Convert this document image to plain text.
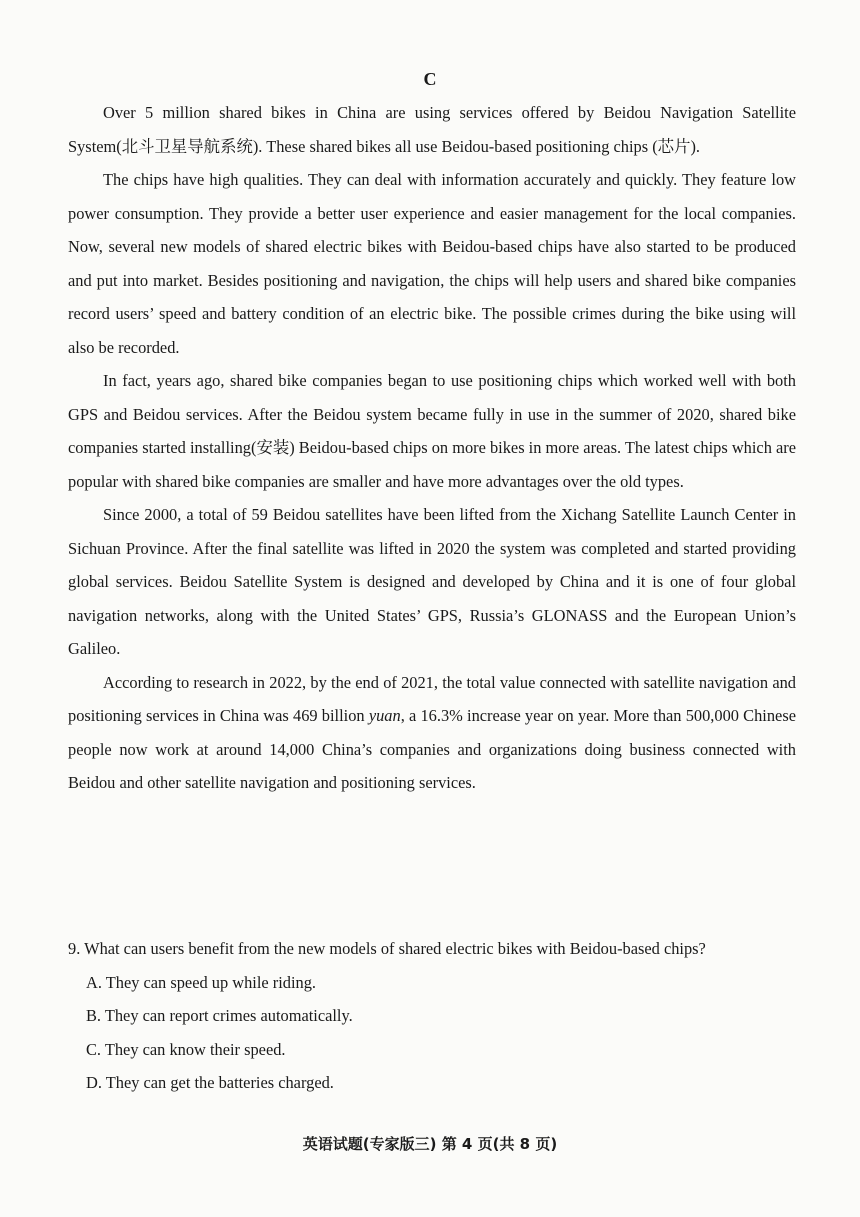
C

Over 5 million shared bikes in China are using services offered by Beidou Navigation Satellite System(北斗卫星导航系统). These shared bikes all use Beidou-based positioning chips (芯片).

The chips have high qualities. They can deal with information accurately and quickly. They feature low power consumption. They provide a better user experience and easier management for the local companies. Now, several new models of shared electric bikes with Beidou-based chips have also started to be produced and put into market. Besides positioning and navigation, the chips will help users and shared bike companies record users’ speed and battery condition of an electric bike. The possible crimes during the bike using will also be recorded.

In fact, years ago, shared bike companies began to use positioning chips which worked well with both GPS and Beidou services. After the Beidou system became fully in use in the summer of 2020, shared bike companies started installing(安装) Beidou-based chips on more bikes in more areas. The latest chips which are popular with shared bike companies are smaller and have more advantages over the old types.

Since 2000, a total of 59 Beidou satellites have been lifted from the Xichang Satellite Launch Center in Sichuan Province. After the final satellite was lifted in 2020 the system was completed and started providing global services. Beidou Satellite System is designed and developed by China and it is one of four global navigation networks, along with the United States’ GPS, Russia’s GLONASS and the European Union’s Galileo.

According to research in 2022, by the end of 2021, the total value connected with satellite navigation and positioning services in China was 469 billion yuan, a 16.3% increase year on year. More than 500,000 Chinese people now work at around 14,000 China’s companies and organizations doing business connected with Beidou and other satellite navigation and positioning services.

9. What can users benefit from the new models of shared electric bikes with Beidou-based chips?

A. They can speed up while riding.

B. They can report crimes automatically.

C. They can know their speed.

D. They can get the batteries charged.

英语试题(专家版三) 第 4 页(共 8 页)
